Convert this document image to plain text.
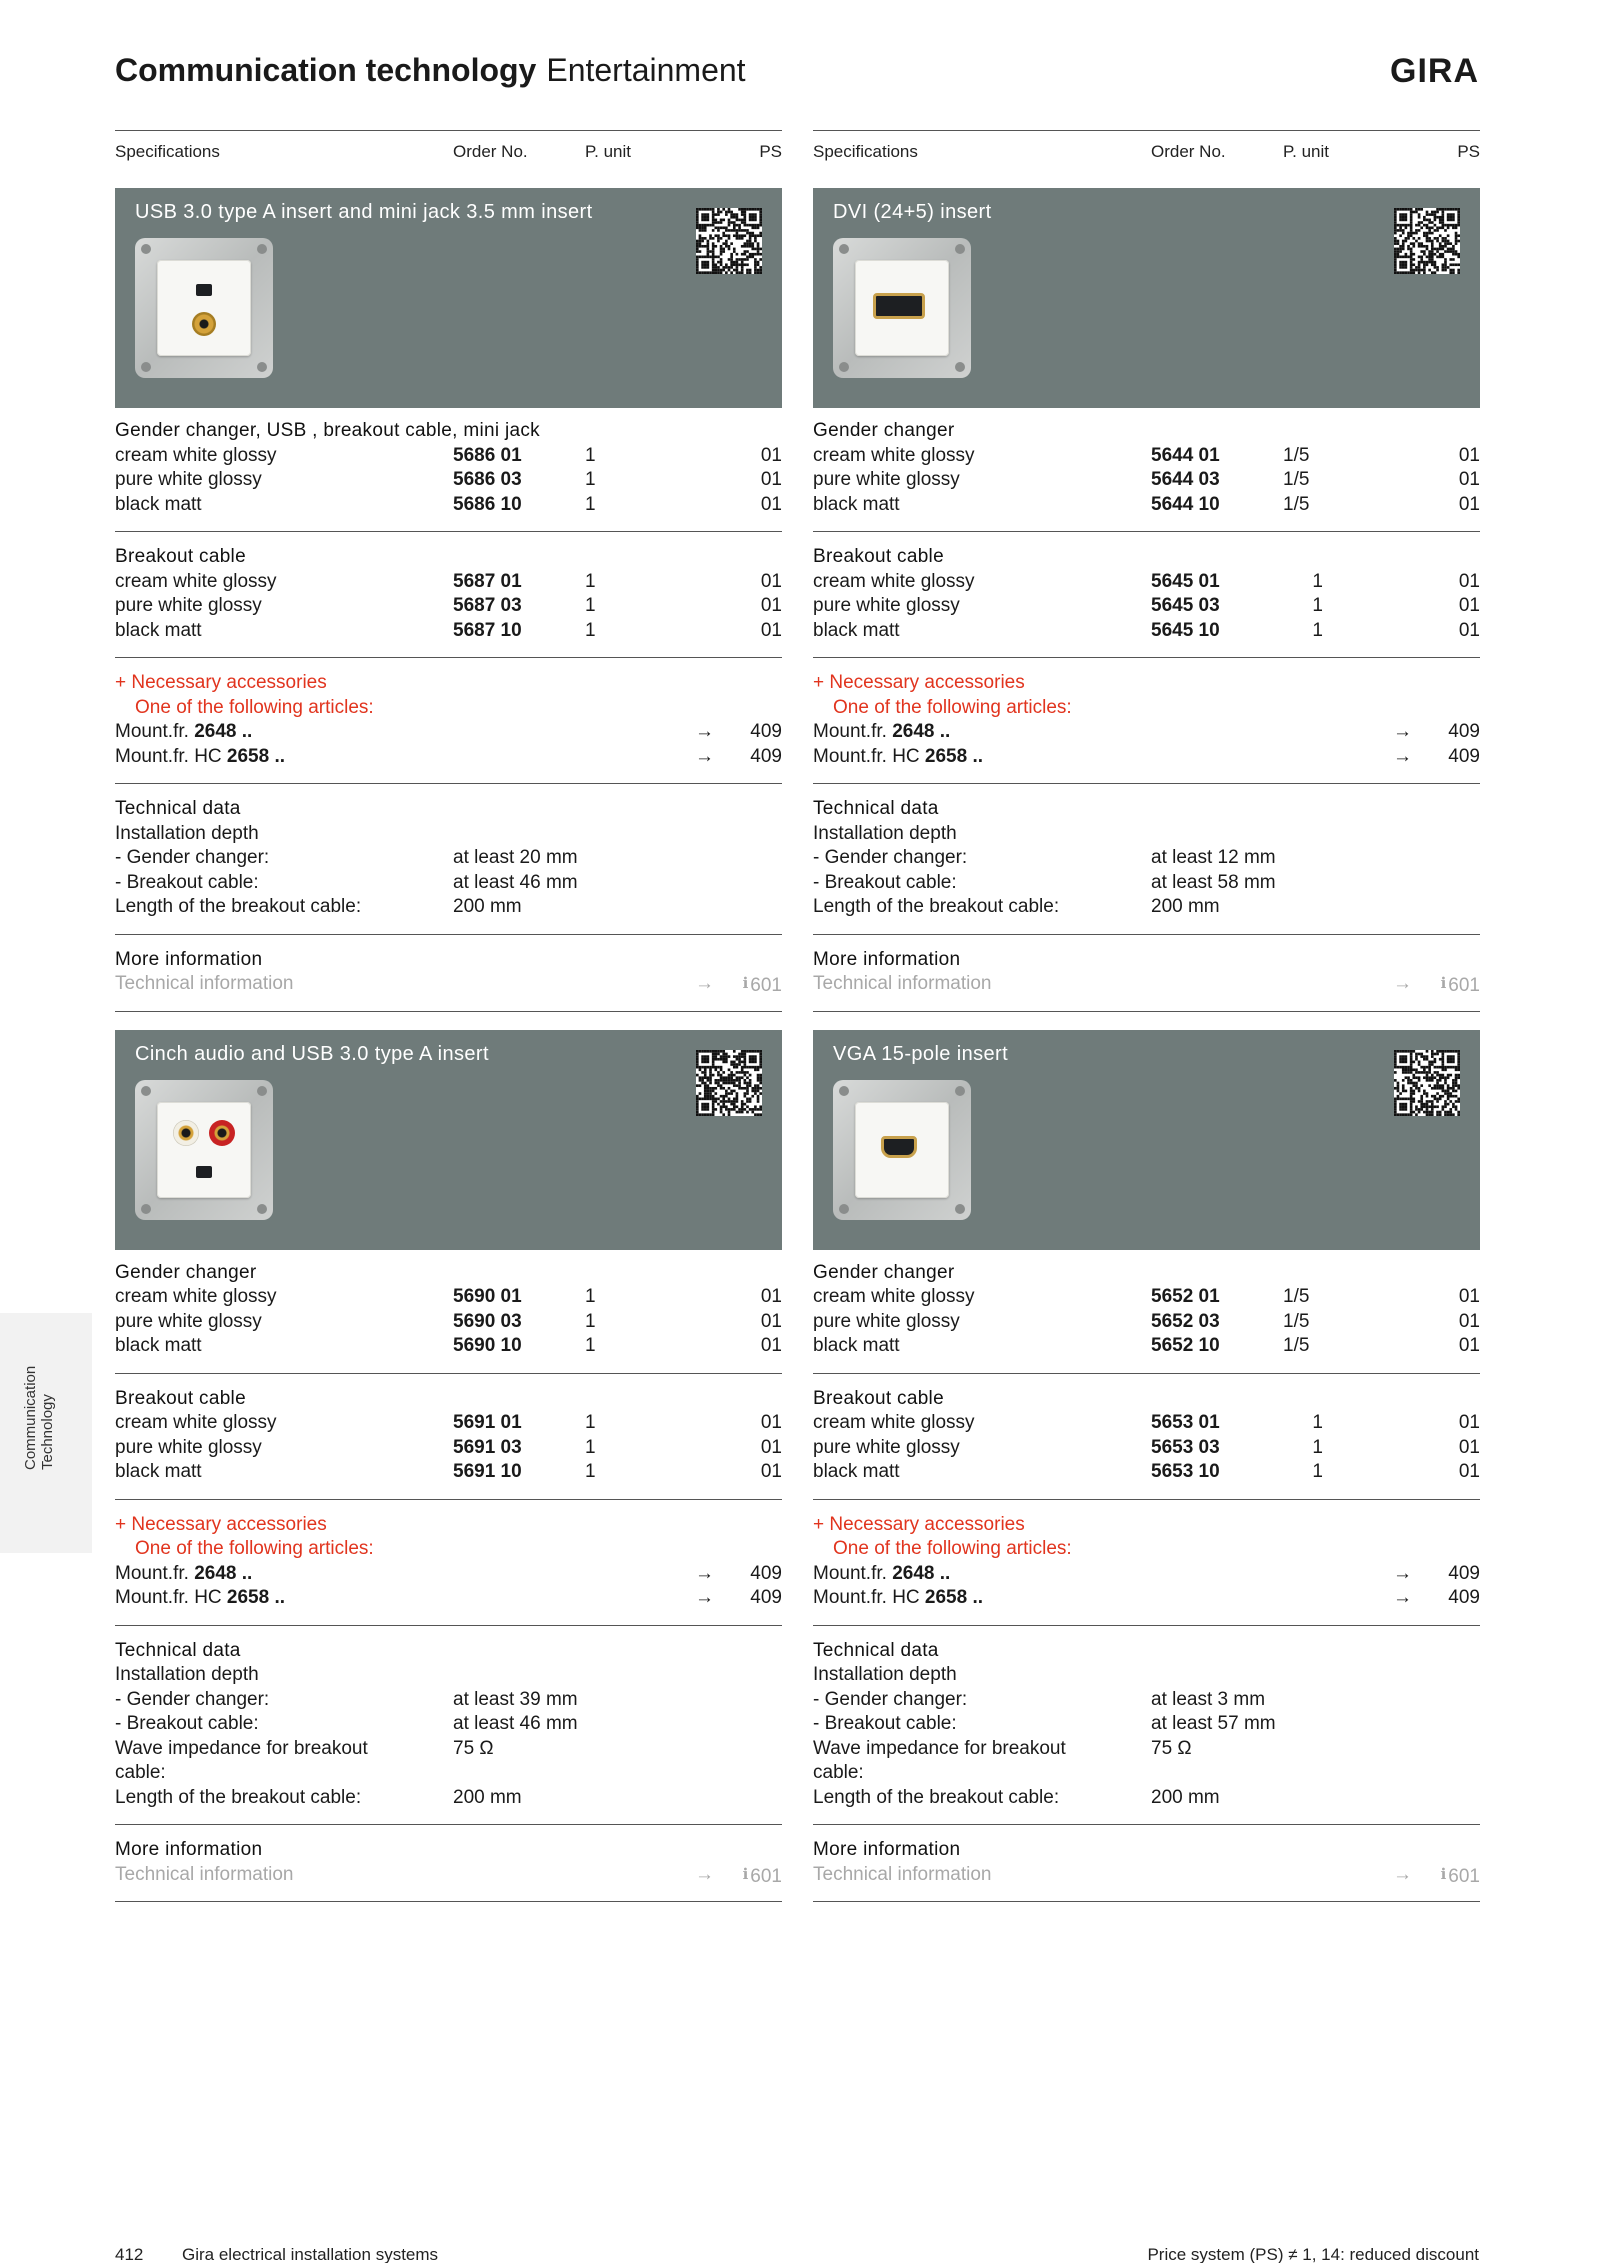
Communication technology Entertainment	GIRA
Specifications	Order No.	P. unit	PS
USB 3.0 type A insert and mini jack 3.5 mm insert
Gender changer, USB , breakout cable, mini jack
cream white glossy	5686 01	1	01
pure white glossy	5686 03	1	01
black matt	5686 10	1	01
Breakout cable
cream white glossy	5687 01	1	01
pure white glossy	5687 03	1	01
black matt	5687 10	1	01
+ Necessary accessories
One of the following articles:
Mount.fr. 2648 ..	→ 409
Mount.fr. HC 2658 ..	→ 409
Technical data
Installation depth
- Gender changer:	at least 20 mm
- Breakout cable:	at least 46 mm
Length of the breakout cable:	200 mm
More information
Technical information	→ ℹ 601
Cinch audio and USB 3.0 type A insert
Gender changer
cream white glossy	5690 01	1	01
pure white glossy	5690 03	1	01
black matt	5690 10	1	01
Breakout cable
cream white glossy	5691 01	1	01
pure white glossy	5691 03	1	01
black matt	5691 10	1	01
+ Necessary accessories
One of the following articles:
Mount.fr. 2648 ..	→ 409
Mount.fr. HC 2658 ..	→ 409
Technical data
Installation depth
- Gender changer:	at least 39 mm
- Breakout cable:	at least 46 mm
Wave impedance for breakout	75 Ω
cable:
Length of the breakout cable:	200 mm
More information
Technical information	→ ℹ 601
Specifications	Order No.	P. unit	PS
DVI (24+5) insert
Gender changer
cream white glossy	5644 01	1/5	01
pure white glossy	5644 03	1/5	01
black matt	5644 10	1/5	01
Breakout cable
cream white glossy	5645 01	1	01
pure white glossy	5645 03	1	01
black matt	5645 10	1	01
+ Necessary accessories
One of the following articles:
Mount.fr. 2648 ..	→ 409
Mount.fr. HC 2658 ..	→ 409
Technical data
Installation depth
- Gender changer:	at least 12 mm
- Breakout cable:	at least 58 mm
Length of the breakout cable:	200 mm
More information
Technical information	→ ℹ 601
VGA 15-pole insert
Gender changer
cream white glossy	5652 01	1/5	01
pure white glossy	5652 03	1/5	01
black matt	5652 10	1/5	01
Breakout cable
cream white glossy	5653 01	1	01
pure white glossy	5653 03	1	01
black matt	5653 10	1	01
+ Necessary accessories
One of the following articles:
Mount.fr. 2648 ..	→ 409
Mount.fr. HC 2658 ..	→ 409
Technical data
Installation depth
- Gender changer:	at least 3 mm
- Breakout cable:	at least 57 mm
Wave impedance for breakout	75 Ω
cable:
Length of the breakout cable:	200 mm
More information
Technical information	→ ℹ 601
Communication Technology
412 Gira electrical installation systems	Price system (PS) ≠ 1, 14: reduced discount
